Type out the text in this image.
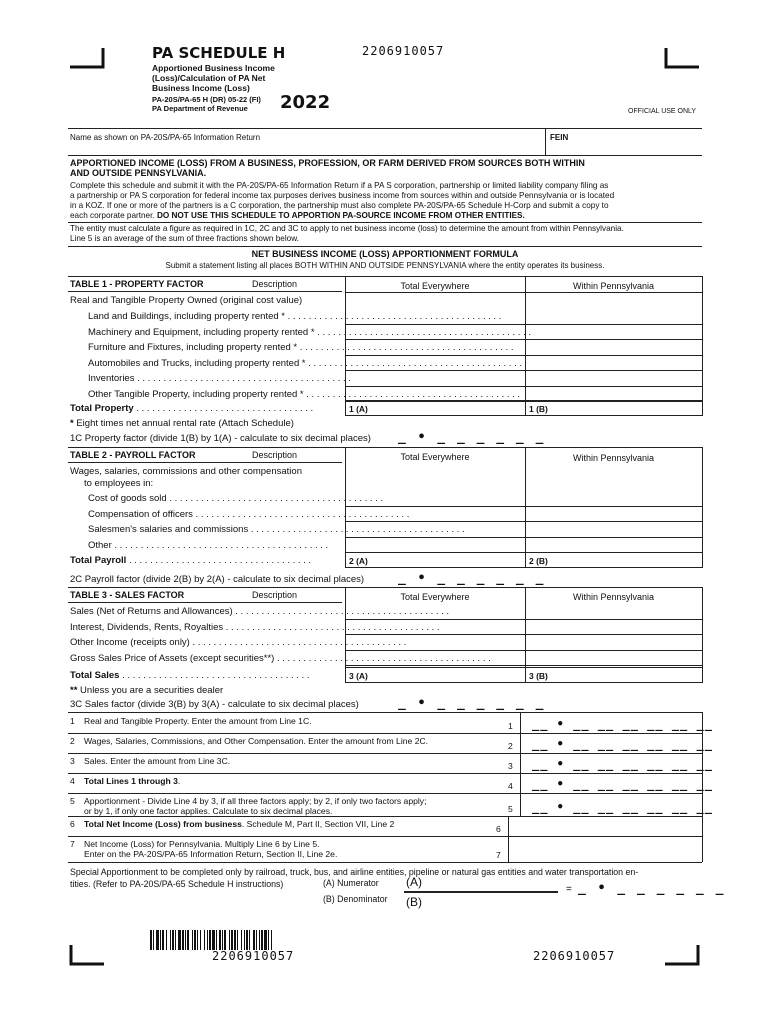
PA SCHEDULE H	2206910057
Apportioned Business Income
(Loss)/Calculation of PA Net
Business Income (Loss)
PA-20S/PA-65 H (DR) 05-22 (FI)
PA Department of Revenue 2022	OFFICIAL USE ONLY
Name as shown on PA-20S/PA-65 Information Return	FEIN
APPORTIONED INCOME (LOSS) FROM A BUSINESS, PROFESSION, OR FARM DERIVED FROM SOURCES BOTH WITHIN
AND OUTSIDE PENNSYLVANIA.
Complete this schedule and submit it with the PA-20S/PA-65 Information Return if a PA S corporation, partnership or limited liability company filing as
a partnership or PA S corporation for federal income tax purposes derives business income from sources within and outside Pennsylvania or is located
in a KOZ. If one or more of the partners is a C corporation, the partnership must also complete PA-20S/PA-65 Schedule H-Corp and submit a copy to
each corporate partner. DO NOT USE THIS SCHEDULE TO APPORTION PA-SOURCE INCOME FROM OTHER ENTITIES.
The entity must calculate a figure as required in 1C, 2C and 3C to apply to net business income (loss) to determine the amount from within Pennsylvania.
Line 5 is an average of the sum of three fractions shown below.
NET BUSINESS INCOME (LOSS) APPORTIONMENT FORMULA
Submit a statement listing all places BOTH WITHIN AND OUTSIDE PENNSYLVANIA where the entity operates its business.
TABLE 1 - PROPERTY FACTOR	Description	Total Everywhere	Within Pennsylvania
Real and Tangible Property Owned (original cost value)
Land and Buildings, including property rented * . . . . . . . . . . . . . . . . . . . . . . . . . . . . . . . . . . . . . . . . .
Machinery and Equipment, including property rented * . . . . . . . . . . . . . . . . . . . . . . . . . . . . . . . . . . . . . . . . .
Furniture and Fixtures, including property rented * . . . . . . . . . . . . . . . . . . . . . . . . . . . . . . . . . . . . . . . . .
Automobiles and Trucks, including property rented * . . . . . . . . . . . . . . . . . . . . . . . . . . . . . . . . . . . . . . . . .
Inventories . . . . . . . . . . . . . . . . . . . . . . . . . . . . . . . . . . . . . . . . .
Other Tangible Property, including property rented * . . . . . . . . . . . . . . . . . . . . . . . . . . . . . . . . . . . . . . . . .
Total Property . . . . . . . . . . . . . . . . . . . . . . . . . . . . . . . . . .	1 (A)	1 (B)
* Eight times net annual rental rate (Attach Schedule)
1C Property factor (divide 1(B) by 1(A) - calculate to six decimal places) _ • _ _ _ _ _ _
TABLE 2 - PAYROLL FACTOR	Description	Total Everywhere	Within Pennsylvania
Wages, salaries, commissions and other compensation
to employees in:
Cost of goods sold . . . . . . . . . . . . . . . . . . . . . . . . . . . . . . . . . . . . . . . . .
Compensation of officers . . . . . . . . . . . . . . . . . . . . . . . . . . . . . . . . . . . . . . . . .
Salesmen's salaries and commissions . . . . . . . . . . . . . . . . . . . . . . . . . . . . . . . . . . . . . . . . .
Other . . . . . . . . . . . . . . . . . . . . . . . . . . . . . . . . . . . . . . . . .
Total Payroll . . . . . . . . . . . . . . . . . . . . . . . . . . . . . . . . . . .	2 (A)	2 (B)
2C Payroll factor (divide 2(B) by 2(A) - calculate to six decimal places)	_ • _ _ _ _ _ _
TABLE 3 - SALES FACTOR	Description	Total Everywhere	Within Pennsylvania
Sales (Net of Returns and Allowances) . . . . . . . . . . . . . . . . . . . . . . . . . . . . . . . . . . . . . . . . .
Interest, Dividends, Rents, Royalties . . . . . . . . . . . . . . . . . . . . . . . . . . . . . . . . . . . . . . . . .
Other Income (receipts only) . . . . . . . . . . . . . . . . . . . . . . . . . . . . . . . . . . . . . . . . .
Gross Sales Price of Assets (except securities**) . . . . . . . . . . . . . . . . . . . . . . . . . . . . . . . . . . . . . . . . .
Total Sales . . . . . . . . . . . . . . . . . . . . . . . . . . . . . . . . . . . .	3 (A)	3 (B)
** Unless you are a securities dealer
3C Sales factor (divide 3(B) by 3(A) - calculate to six decimal places)	_ • _ _ _ _ _ _
1 Real and Tangible Property. Enter the amount from Line 1C.	1 __ • __ __ __ __ __ __
2 Wages, Salaries, Commissions, and Other Compensation. Enter the amount from Line 2C.	2 __ • __ __ __ __ __ __
3 Sales. Enter the amount from Line 3C.	3 __ • __ __ __ __ __ __
4 Total Lines 1 through 3.	4 __ • __ __ __ __ __ __
5 Apportionment - Divide Line 4 by 3, if all three factors apply; by 2, if only two factors apply;
or by 1, if only one factor applies. Calculate to six decimal places.	5 __ • __ __ __ __ __ __
6 Total Net Income (Loss) from business. Schedule M, Part II, Section VII, Line 2	6
7 Net Income (Loss) for Pennsylvania. Multiply Line 6 by Line 5.
Enter on the PA-20S/PA-65 Information Return, Section II, Line 2e.	7
Special Apportionment to be completed only by railroad, truck, bus, and airline entities, pipeline or natural gas entities and water transportation en-
tities. (Refer to PA-20S/PA-65 Schedule H instructions)	(A) Numerator
(B) Denominator
(A)
(B)
= _ • _ _ _ _ _ _
2206910057	2206910057
